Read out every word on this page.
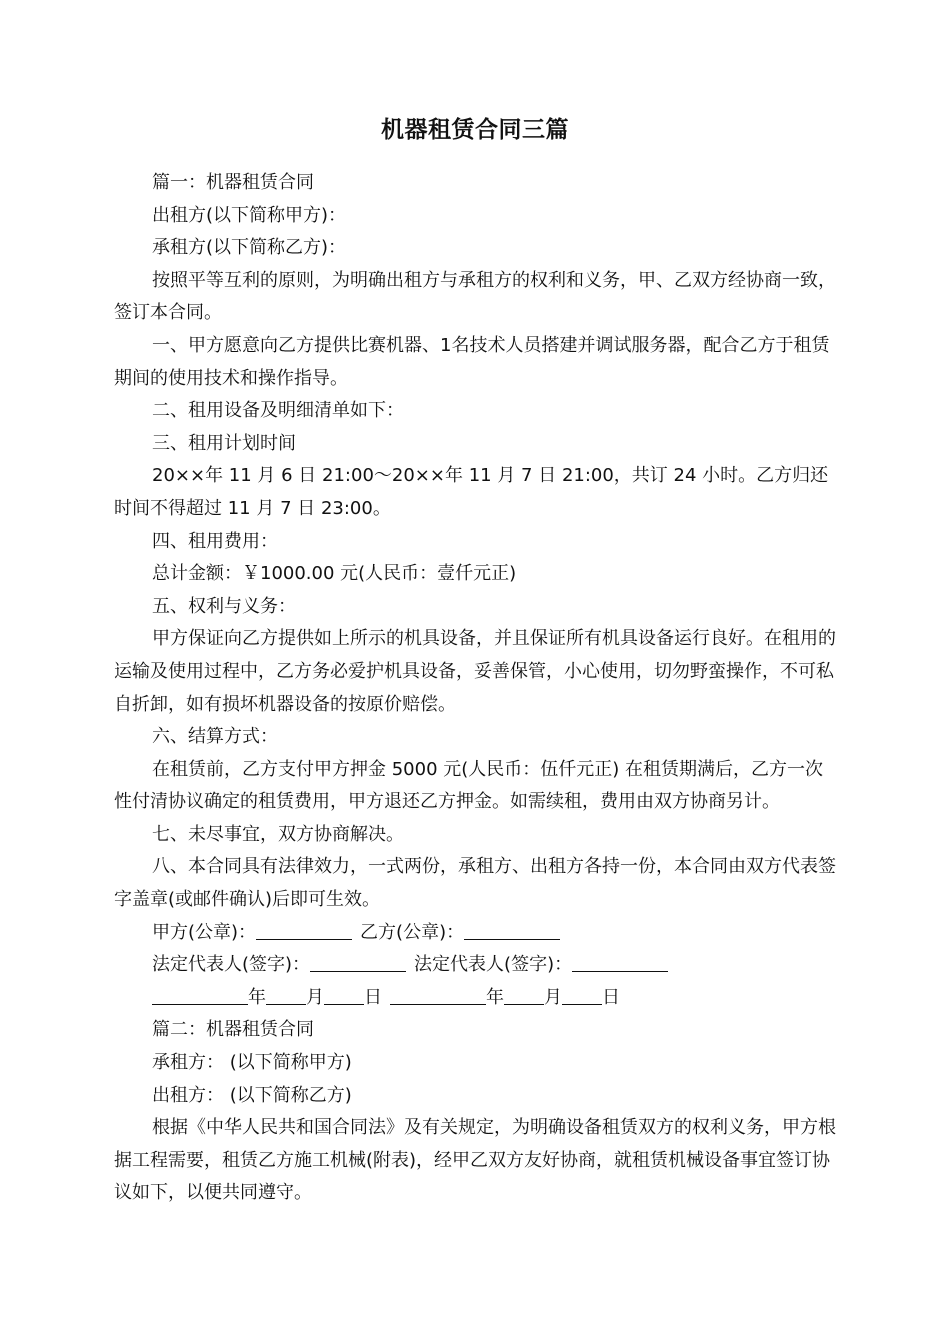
机器租赁合同三篇

篇一：机器租赁合同

出租方(以下简称甲方)：

承租方(以下简称乙方)：

按照平等互利的原则，为明确出租方与承租方的权利和义务，甲、乙双方经协商一致，签订本合同。

一、甲方愿意向乙方提供比赛机器、1名技术人员搭建并调试服务器，配合乙方于租赁期间的使用技术和操作指导。

二、租用设备及明细清单如下：

三、租用计划时间

20××年 11 月 6 日 21:00～20××年 11 月 7 日 21:00，共订 24 小时。乙方归还时间不得超过 11 月 7 日 23:00。

四、租用费用：

总计金额：￥1000.00 元(人民币：壹仟元正)

五、权利与义务：

甲方保证向乙方提供如上所示的机具设备，并且保证所有机具设备运行良好。在租用的运输及使用过程中，乙方务必爱护机具设备，妥善保管，小心使用，切勿野蛮操作，不可私自折卸，如有损坏机器设备的按原价赔偿。

六、结算方式：

在租赁前，乙方支付甲方押金 5000 元(人民币：伍仟元正) 在租赁期满后，乙方一次性付清协议确定的租赁费用，甲方退还乙方押金。如需续租，费用由双方协商另计。

七、未尽事宜，双方协商解决。

八、本合同具有法律效力，一式两份，承租方、出租方各持一份，本合同由双方代表签字盖章(或邮件确认)后即可生效。

甲方(公章)：	乙方(公章)：

法定代表人(签字)：	法定代表人(签字)：

年 月 日	年 月 日

篇二：机器租赁合同

承租方： (以下简称甲方)

出租方： (以下简称乙方)

根据《中华人民共和国合同法》及有关规定，为明确设备租赁双方的权利义务，甲方根据工程需要，租赁乙方施工机械(附表)，经甲乙双方友好协商，就租赁机械设备事宜签订协议如下，以便共同遵守。
